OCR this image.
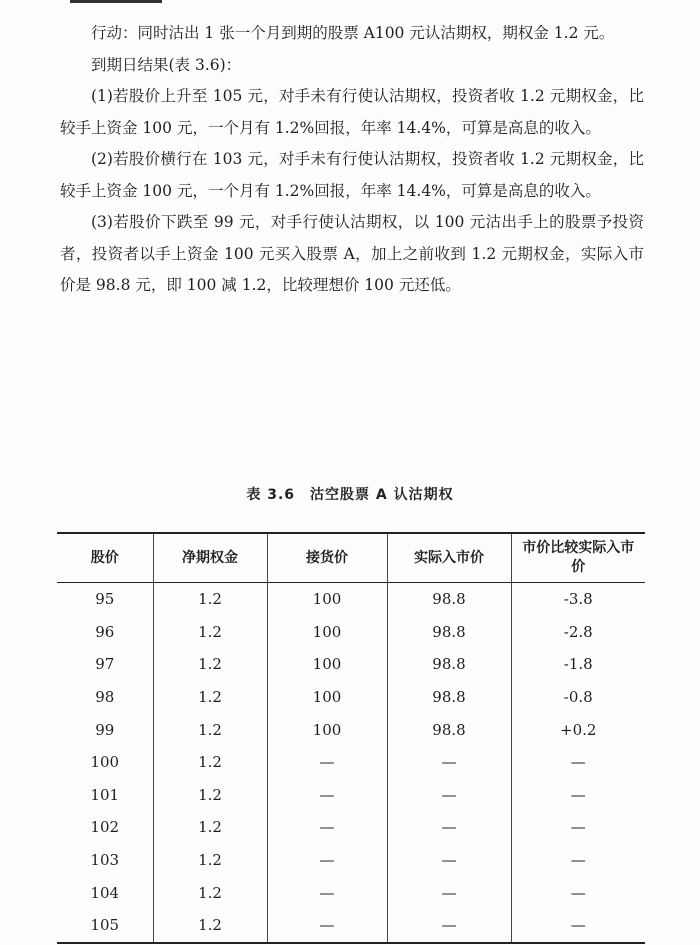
行动：同时沽出 1 张一个月到期的股票 A100 元认沽期权，期权金 1.2 元。

到期日结果(表 3.6)：

(1)若股价上升至 105 元，对手未有行使认沽期权，投资者收 1.2 元期权金，比较手上资金 100 元，一个月有 1.2%回报，年率 14.4%，可算是高息的收入。

(2)若股价横行在 103 元，对手未有行使认沽期权，投资者收 1.2 元期权金，比较手上资金 100 元，一个月有 1.2%回报，年率 14.4%，可算是高息的收入。

(3)若股价下跌至 99 元，对手行使认沽期权，以 100 元沽出手上的股票予投资者，投资者以手上资金 100 元买入股票 A，加上之前收到 1.2 元期权金，实际入市价是 98.8 元，即 100 减 1.2，比较理想价 100 元还低。

表 3.6　沽空股票 A 认沽期权
股价	净期权金	接货价	实际入市价	市价比较实际入市价
95	1.2	100	98.8	-3.8
96	1.2	100	98.8	-2.8
97	1.2	100	98.8	-1.8
98	1.2	100	98.8	-0.8
99	1.2	100	98.8	+0.2
100	1.2	—	—	—
101	1.2	—	—	—
102	1.2	—	—	—
103	1.2	—	—	—
104	1.2	—	—	—
105	1.2	—	—	—
